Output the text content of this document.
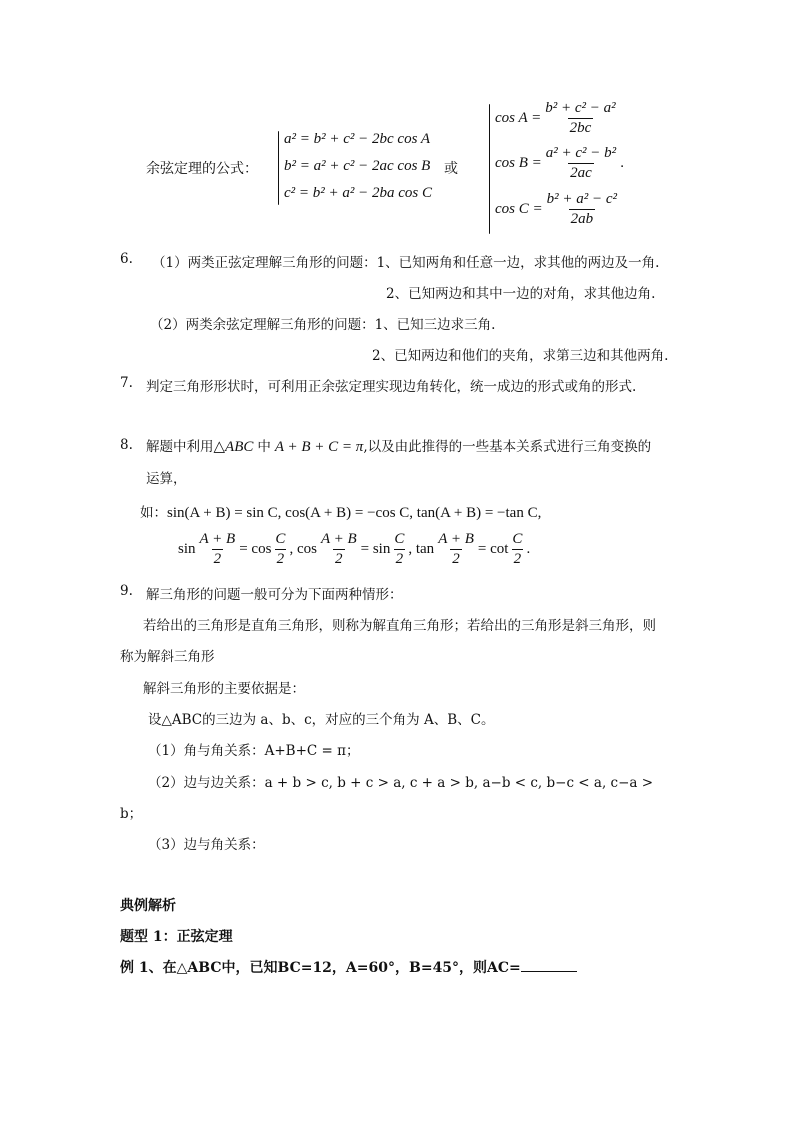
余弦定理的公式：
a² = b² + c² − 2bc cos A
b² = a² + c² − 2ac cos B
c² = b² + a² − 2ba cos C
或
$\cos A = \frac{\text{b² + c² − a²}}{2bc}$
$\cos B = \frac{\text{a² + c² − b²}}{2ac}$ .
$\cos C = \frac{\text{b² + a² − c²}}{2ab}$
6. （1）两类正弦定理解三角形的问题：1、已知两角和任意一边，求其他的两边及一角.
2、已知两边和其中一边的对角，求其他边角.
（2）两类余弦定理解三角形的问题：1、已知三边求三角.
2、已知两边和他们的夹角，求第三边和其他两角.
7. 判定三角形形状时，可利用正余弦定理实现边角转化，统一成边的形式或角的形式.
8. 解题中利用 △ABC 中 A + B + C = π ,以及由此推得的一些基本关系式进行三角变换的
运算，
如： sin(A + B) = sin C, cos(A + B) = −cos C, tan(A + B) = −tan C,
$\sin \frac{A + B}{2} = \cos \frac{C}{2}$ , $\cos \frac{A + B}{2} = \sin \frac{C}{2}$ , $\tan \frac{A + B}{2} = \cot \frac{C}{2}$ .
9. 解三角形的问题一般可分为下面两种情形：
若给出的三角形是直角三角形，则称为解直角三角形；若给出的三角形是斜三角形，则
称为解斜三角形
解斜三角形的主要依据是：
设△ABC的三边为 a、b、c，对应的三个角为 A、B、C。
（1）角与角关系：A+B+C = π；
（2）边与边关系：a + b > c, b + c > a, c + a > b, a−b < c, b−c < a, c−a >
b；
（3）边与角关系：
典例解析
题型 1：正弦定理
例 1、在△ABC中，已知BC=12，A=60°，B=45°，则AC=
